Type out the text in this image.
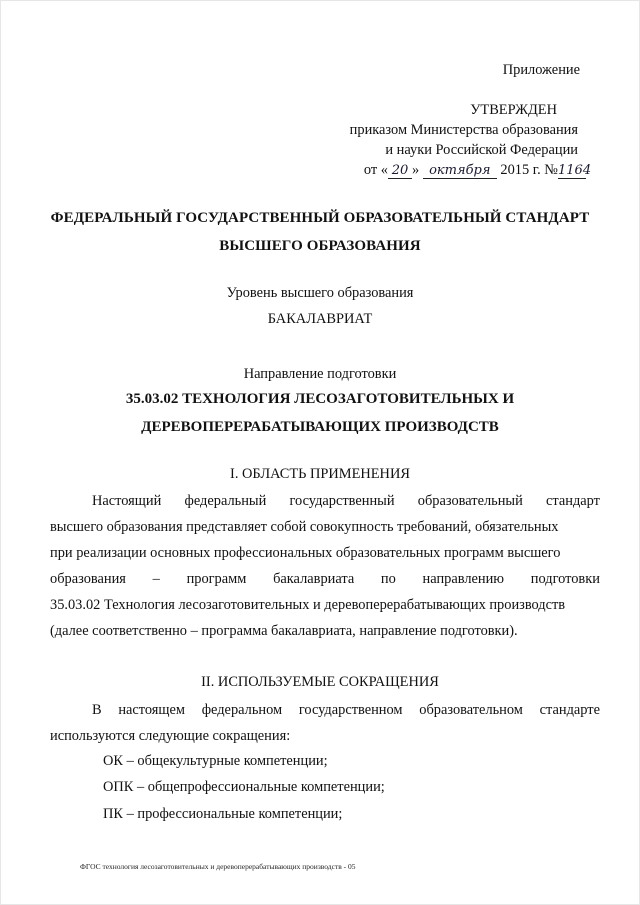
Приложение
УТВЕРЖДЕН
приказом Министерства образования
и науки Российской Федерации
от « 20 » октября 2015 г. №1164
ФЕДЕРАЛЬНЫЙ ГОСУДАРСТВЕННЫЙ ОБРАЗОВАТЕЛЬНЫЙ СТАНДАРТ
ВЫСШЕГО ОБРАЗОВАНИЯ
Уровень высшего образования
БАКАЛАВРИАТ
Направление подготовки
35.03.02 ТЕХНОЛОГИЯ ЛЕСОЗАГОТОВИТЕЛЬНЫХ И
ДЕРЕВОПЕРЕРАБАТЫВАЮЩИХ ПРОИЗВОДСТВ
I. ОБЛАСТЬ ПРИМЕНЕНИЯ
Настоящий федеральный государственный образовательный стандарт
высшего образования представляет собой совокупность требований, обязательных
при реализации основных профессиональных образовательных программ высшего
образования – программ бакалавриата по направлению подготовки
35.03.02 Технология лесозаготовительных и деревоперерабатывающих производств
(далее соответственно – программа бакалавриата, направление подготовки).
II. ИСПОЛЬЗУЕМЫЕ СОКРАЩЕНИЯ
В настоящем федеральном государственном образовательном стандарте
используются следующие сокращения:
ОК – общекультурные компетенции;
ОПК – общепрофессиональные компетенции;
ПК – профессиональные компетенции;
ФГОС технология лесозаготовительных и деревоперерабатывающих производств - 05
